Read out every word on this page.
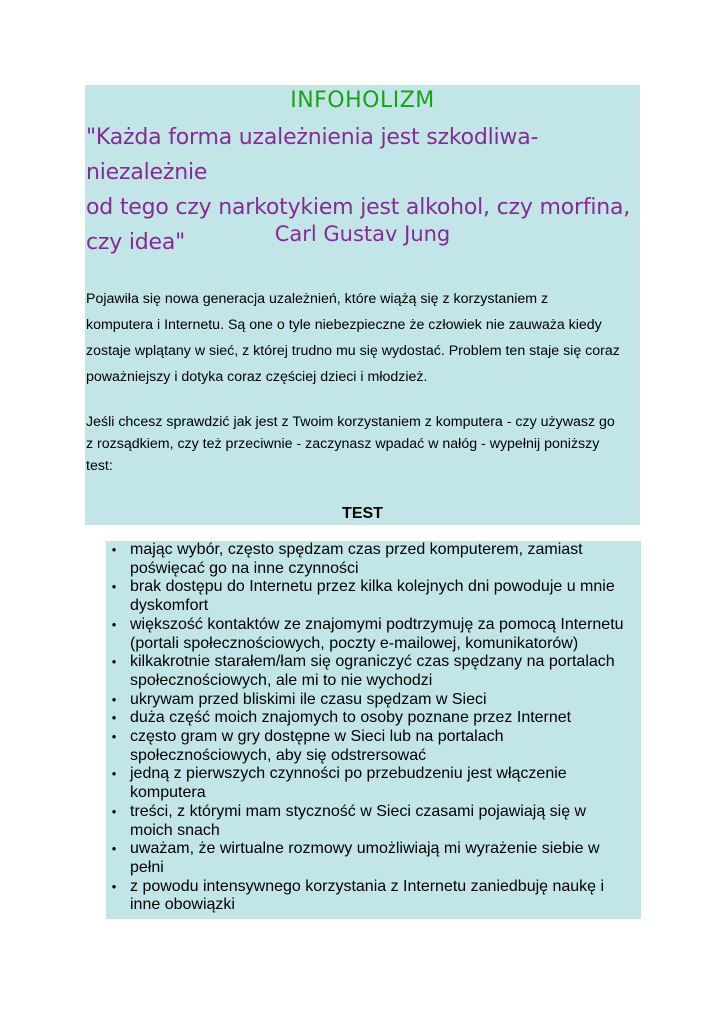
INFOHOLIZM
"Każda forma uzależnienia jest szkodliwa- niezależnie
od tego czy narkotykiem jest alkohol, czy morfina,
czy idea"	Carl Gustav Jung
Pojawiła się nowa generacja uzależnień, które wiążą się z korzystaniem z
komputera i Internetu. Są one o tyle niebezpieczne że człowiek nie zauważa kiedy
zostaje wplątany w sieć, z której trudno mu się wydostać. Problem ten staje się coraz
poważniejszy i dotyka coraz częściej dzieci i młodzież.
Jeśli chcesz sprawdzić jak jest z Twoim korzystaniem z komputera - czy używasz go
z rozsądkiem, czy też przeciwnie - zaczynasz wpadać w nałóg - wypełnij poniższy
test:
TEST
• mając wybór, często spędzam czas przed komputerem, zamiast
poświęcać go na inne czynności
• brak dostępu do Internetu przez kilka kolejnych dni powoduje u mnie
dyskomfort
• większość kontaktów ze znajomymi podtrzymuję za pomocą Internetu
(portali społecznościowych, poczty e-mailowej, komunikatorów)
• kilkakrotnie starałem/łam się ograniczyć czas spędzany na portalach
społecznościowych, ale mi to nie wychodzi
• ukrywam przed bliskimi ile czasu spędzam w Sieci
• duża część moich znajomych to osoby poznane przez Internet
• często gram w gry dostępne w Sieci lub na portalach
społecznościowych, aby się odstrersować
• jedną z pierwszych czynności po przebudzeniu jest włączenie
komputera
• treści, z którymi mam styczność w Sieci czasami pojawiają się w
moich snach
• uważam, że wirtualne rozmowy umożliwiają mi wyrażenie siebie w
pełni
• z powodu intensywnego korzystania z Internetu zaniedbuję naukę i
inne obowiązki
